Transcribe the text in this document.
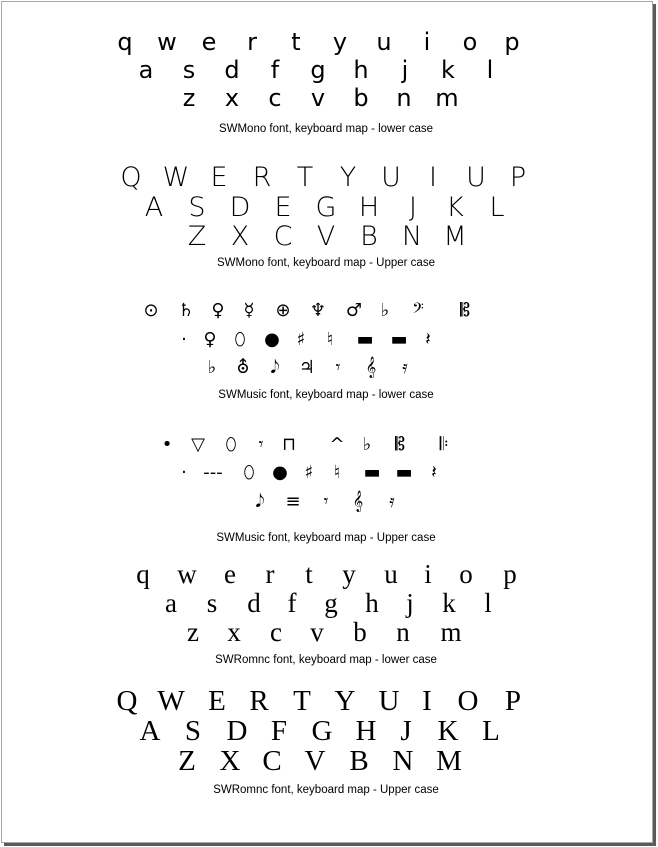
q w e r t y u i o p
a s d f g h j k l
z x c v b n m
SWMono font, keyboard map - lower case
Q W E R T Y U I U P
A S D E G H J K L
Z X C V B N M
SWMono font, keyboard map - Upper case
⊙ ♄ ♀ ☿ ⊕ ♆ ♂ ♭ 𝄢 𝄡
· ♀ ⬯ ● ♯ ♮ ▬ ▬ 𝄽
♭ ⛢ 𝅘𝅥𝅮 ♃ 𝄾 𝄞 𝄿
SWMusic font, keyboard map - lower case
• ▽ ⬯ 𝄾 ⊓ ^ ♭ 𝄡 𝄆
· --- ⬯ ● ♯ ♮ ▬ ▬ 𝄽
𝅘𝅥𝅮 ≡ 𝄾 𝄞 𝄿
SWMusic font, keyboard map - Upper case
q w e r t y u i o p
a s d f g h j k l
z x c v b n m
SWRomnc font, keyboard map - lower case
Q W E R T Y U I O P
A S D F G H J K L
Z X C V B N M
SWRomnc font, keyboard map - Upper case
